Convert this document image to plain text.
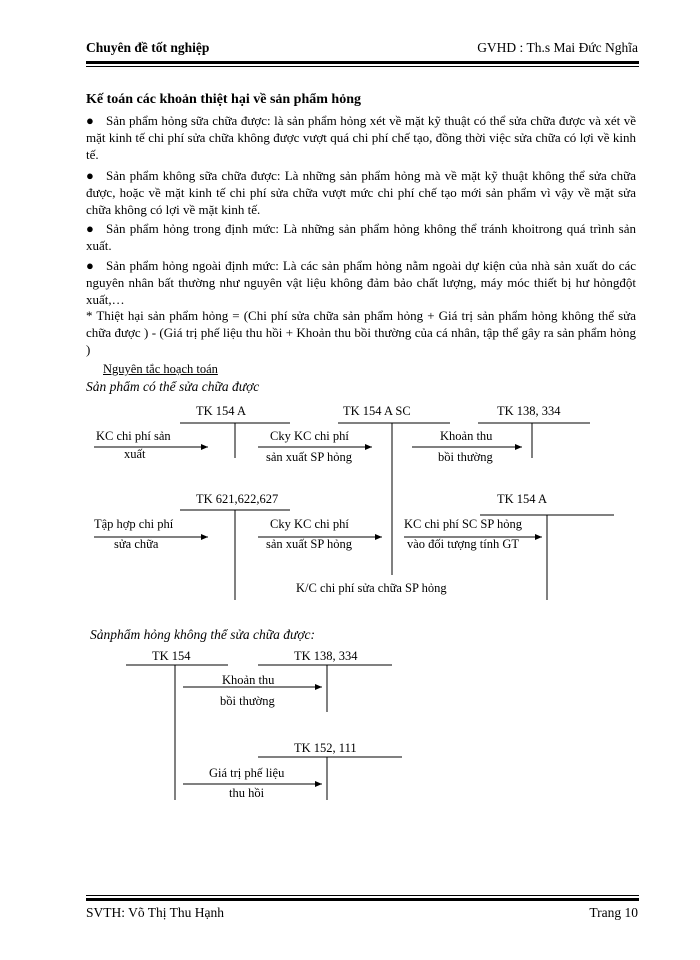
Chuyên đề tốt nghiệp	GVHD : Th.s Mai Đức Nghĩa
Kế toán các khoản thiệt hại về sản phẩm hỏng
● Sản phẩm hỏng sữa chữa được: là sản phẩm hỏng xét về mặt kỹ thuật có thể sửa chữa được và xét về mặt kinh tế chi phí sửa chữa không được vượt quá chi phí chế tạo, đồng thời việc sửa chữa có lợi về kinh tế.
● Sản phẩm không sữa chữa được: Là những sản phẩm hỏng mà về mặt kỹ thuật không thể sửa chữa được, hoặc về mặt kinh tế chi phí sửa chữa vượt mức chi phí chế tạo mới sản phẩm vì vậy về mặt sửa chữa không có lợi về mặt kinh tế.
● Sản phẩm hỏng trong định mức: Là những sản phẩm hỏng không thể tránh khoitrong quá trình sản xuất.
● Sản phẩm hỏng ngoài định mức: Là các sản phẩm hỏng nằm ngoài dự kiện của nhà sản xuất do các nguyên nhân bất thường như nguyên vật liệu không đảm bảo chất lượng, máy móc thiết bị hư hỏngđột xuất,…
* Thiệt hại sản phẩm hỏng = (Chi phí sửa chữa sản phẩm hỏng + Giá trị sản phẩm hỏng không thể sửa chữa được ) - (Giá trị phế liệu thu hồi + Khoản thu bồi thường của cá nhân, tập thể gây ra sản phẩm hỏng )
Nguyên tắc hoạch toán
Sản phẩm có thể sửa chữa được
TK 154 A	TK 154 A SC	TK 138, 334
TK 621,622,627	TK 154 A
KC chi phí sản
xuất
Cky KC chi phí
sản xuất SP hỏng
Khoản thu
bồi thường
Tập hợp chi phí
sửa chữa
Cky KC chi phí
sản xuất SP hỏng
KC chi phí SC SP hỏng
vào đối tượng tính GT
K/C chi phí sửa chữa SP hỏng
Sảnphẩm hỏng không thể sửa chữa được:
TK 154	TK 138, 334
TK 152, 111
Khoản thu
bồi thường
Giá trị phế liệu
thu hồi
SVTH: Võ Thị Thu Hạnh	Trang 10
